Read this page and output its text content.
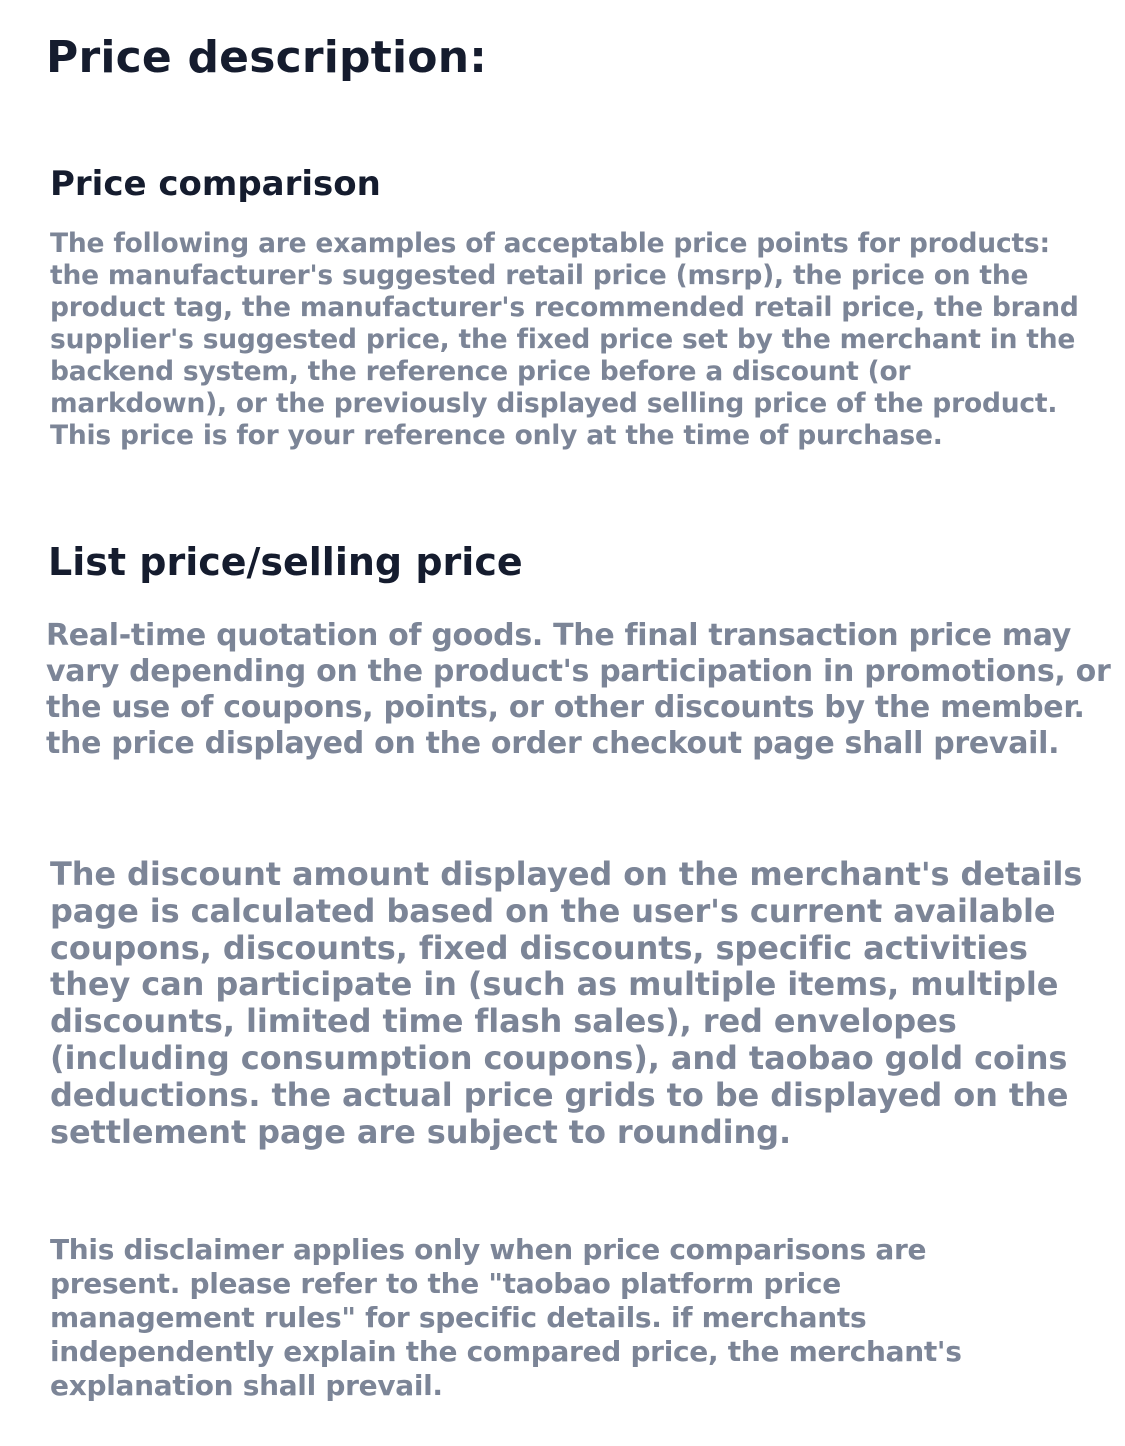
Price description:
Price comparison

The following are examples of acceptable price points for products:
the manufacturer's suggested retail price (msrp), the price on the
product tag, the manufacturer's recommended retail price, the brand
supplier's suggested price, the fixed price set by the merchant in the
backend system, the reference price before a discount (or
markdown), or the previously displayed selling price of the product.
This price is for your reference only at the time of purchase.

List price/selling price

Real-time quotation of goods. The final transaction price may
vary depending on the product's participation in promotions, or
the use of coupons, points, or other discounts by the member.
the price displayed on the order checkout page shall prevail.

The discount amount displayed on the merchant's details
page is calculated based on the user's current available
coupons, discounts, fixed discounts, specific activities
they can participate in (such as multiple items, multiple
discounts, limited time flash sales), red envelopes
(including consumption coupons), and taobao gold coins
deductions. the actual price grids to be displayed on the
settlement page are subject to rounding.

This disclaimer applies only when price comparisons are
present. please refer to the "taobao platform price
management rules" for specific details. if merchants
independently explain the compared price, the merchant's
explanation shall prevail.
